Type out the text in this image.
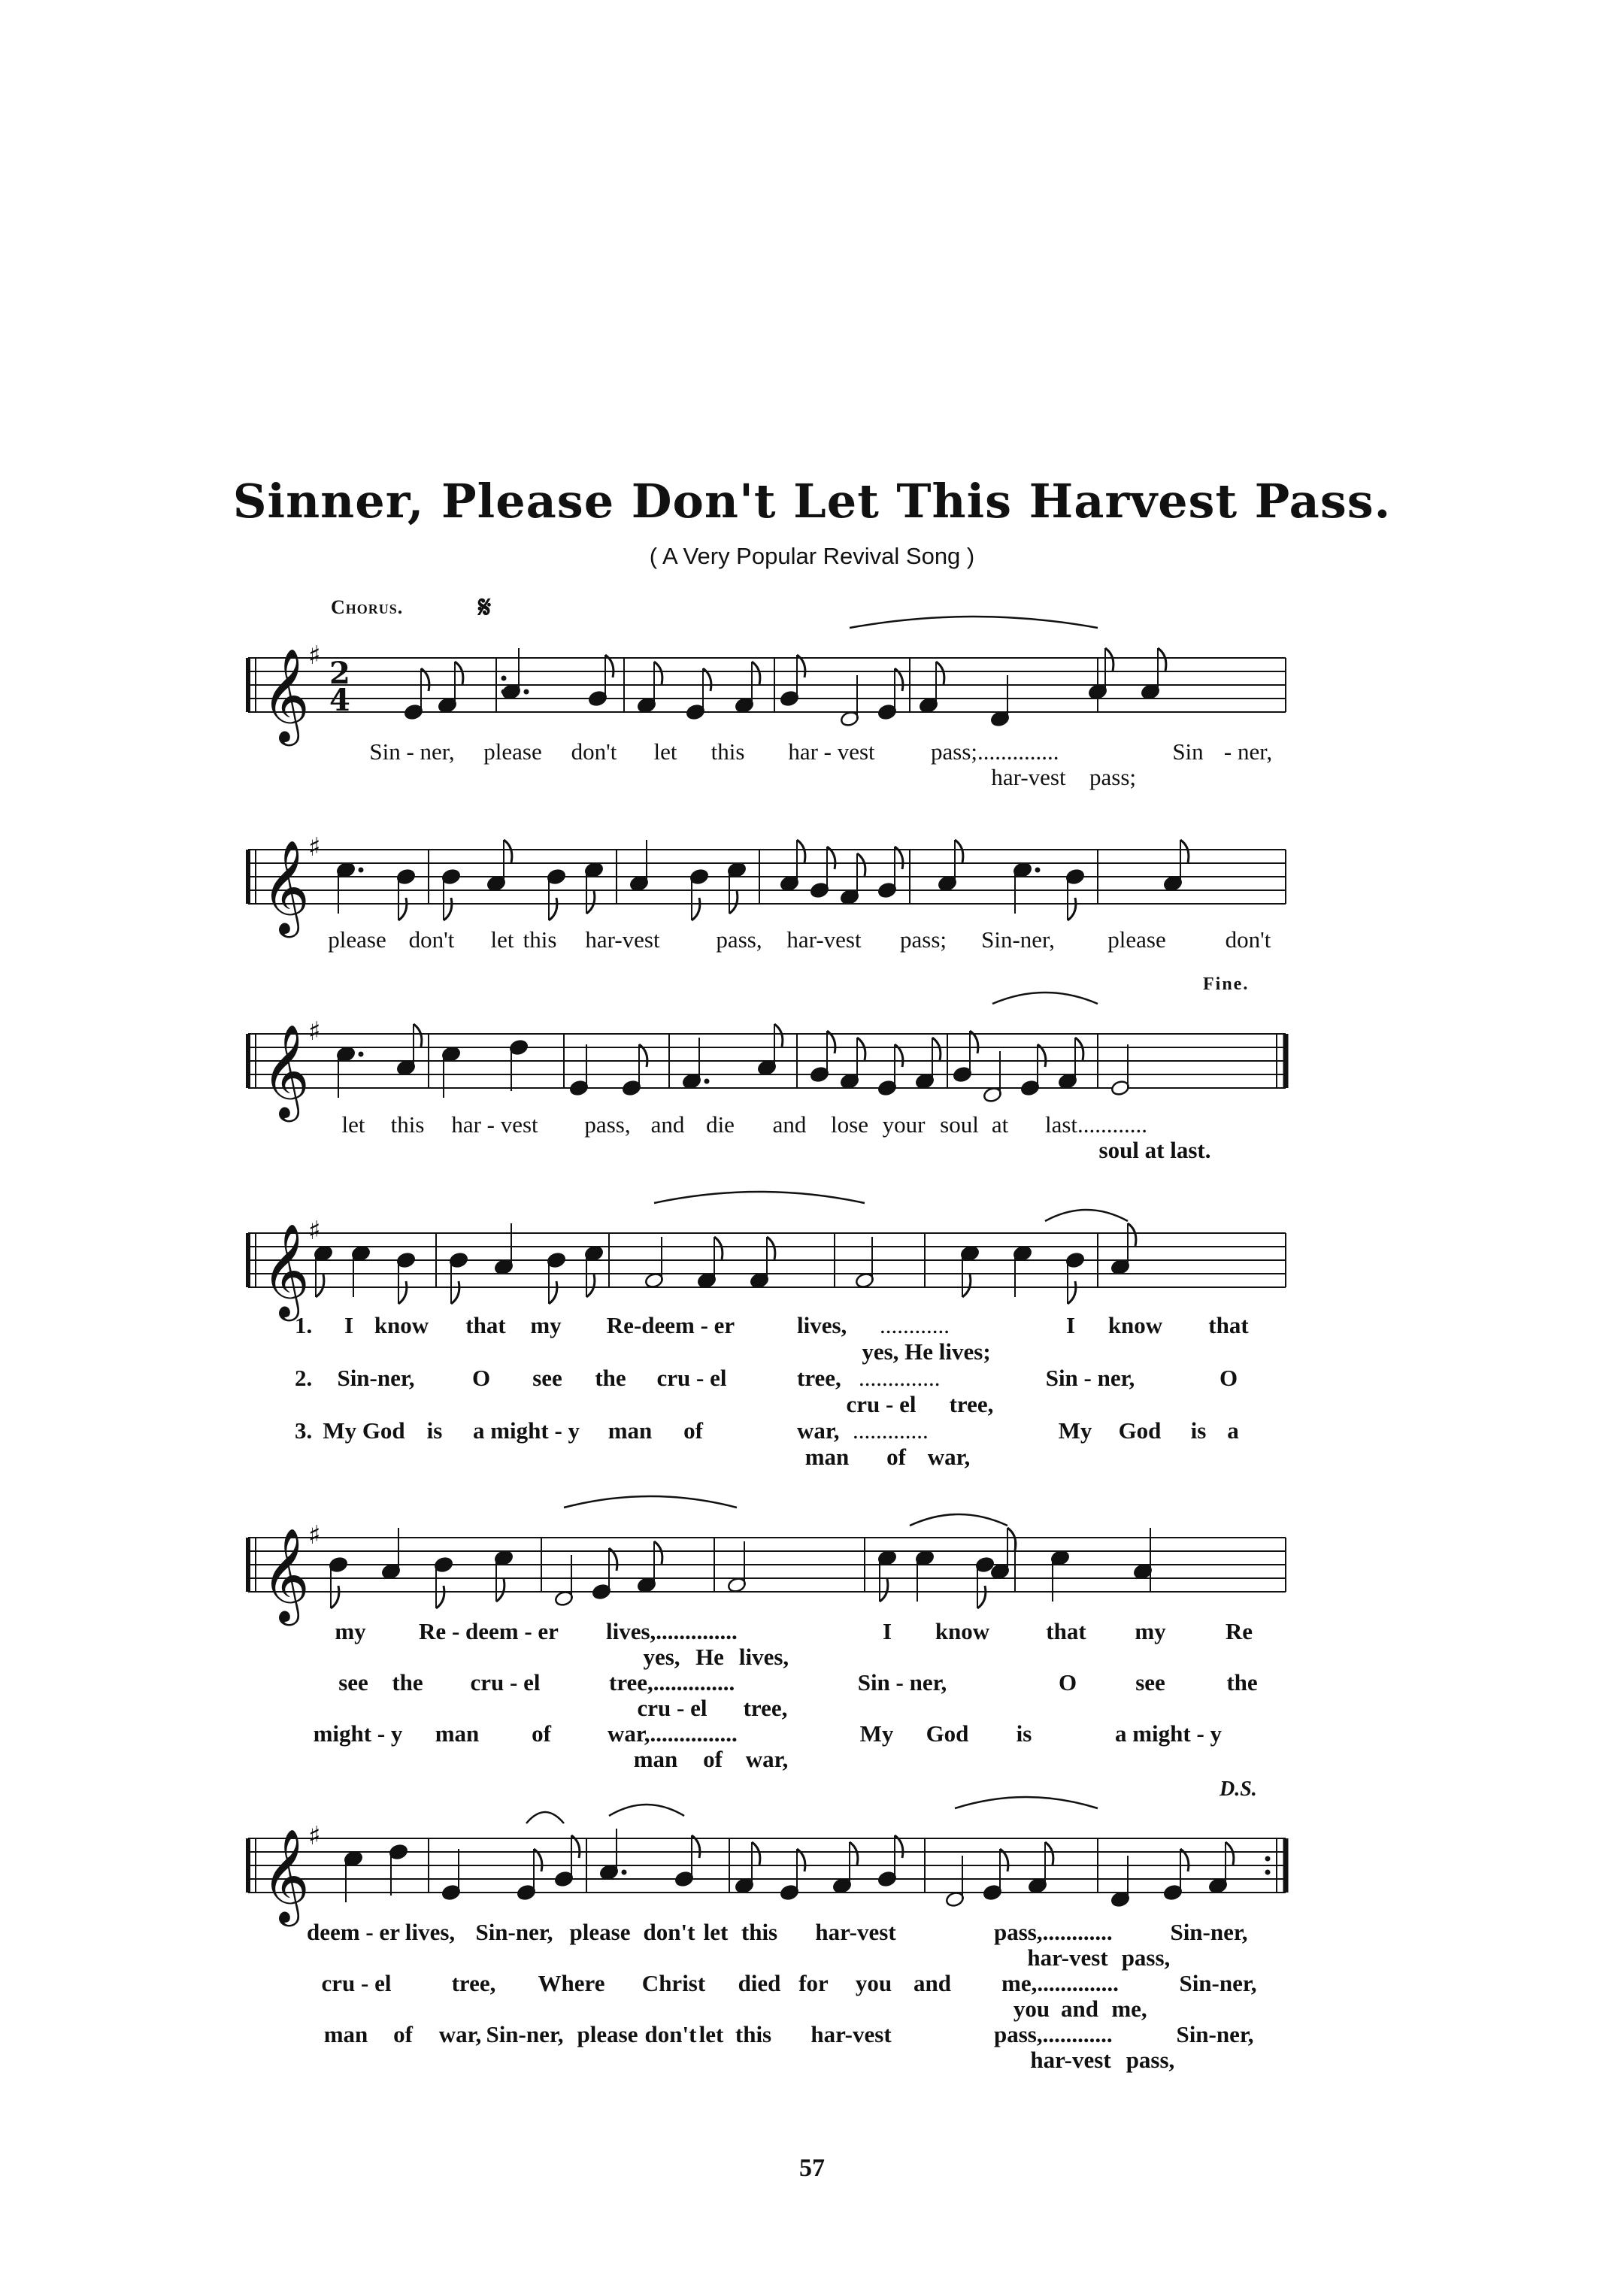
Sinner, Please Don't Let This Harvest Pass.
( A Very Popular Revival Song )
Chorus. 𝄋
Fine.
D.S.
57
𝄞
♯ 2
4
𝄞
♯
𝄞
♯
𝄞
♯
𝄞
♯
𝄞
♯
Sin - ner, please don't let this har - vest pass;..............	Sin - ner,
har-vest pass;
please don't let this har-vest pass, har-vest pass; Sin-ner, please	don't
let this har - vest pass, and die and lose your soul at last............
soul at last.
1. I know that my Re-deem - er	lives, ............	I know that
yes, He lives;
2. Sin-ner, O see the cru - el	tree, ..............	Sin - ner,	O
cru - el tree,
3. My God is a might - y man of	war, .............	My God is a
man of war,
my Re - deem - er lives,..............	I know that my	Re
yes, He lives,
see the cru - el	tree,..............	Sin - ner,	O	see	the
cru - el tree,
might - y man of war,...............	My God is	a might - y
man of war,
deem - er lives, Sin-ner, please don't let this har-vest	pass,............ Sin-ner,
har-vest pass,
cru - el	tree, Where Christ died for you and me,..............	Sin-ner,
you and me,
man of war, Sin-ner, please don't let this har-vest	pass,............	Sin-ner,
har-vest pass,
